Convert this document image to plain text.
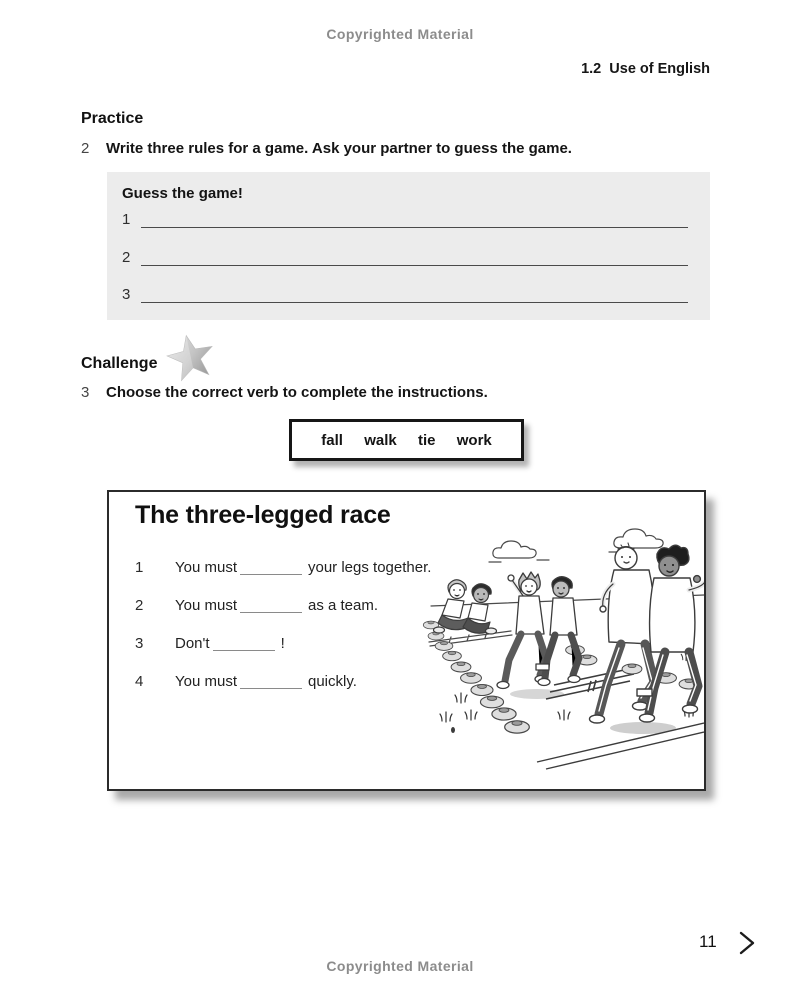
Copyrighted Material
1.2  Use of English
Practice
2	Write three rules for a game. Ask your partner to guess the game.
Guess the game!
1
2
3
Challenge
3	Choose the correct verb to complete the instructions.
fall walk tie work
The three-legged race
1 You must	your legs together.
2 You must	as a team.
3 Don't	!
4 You must	quickly.
11
Copyrighted Material
